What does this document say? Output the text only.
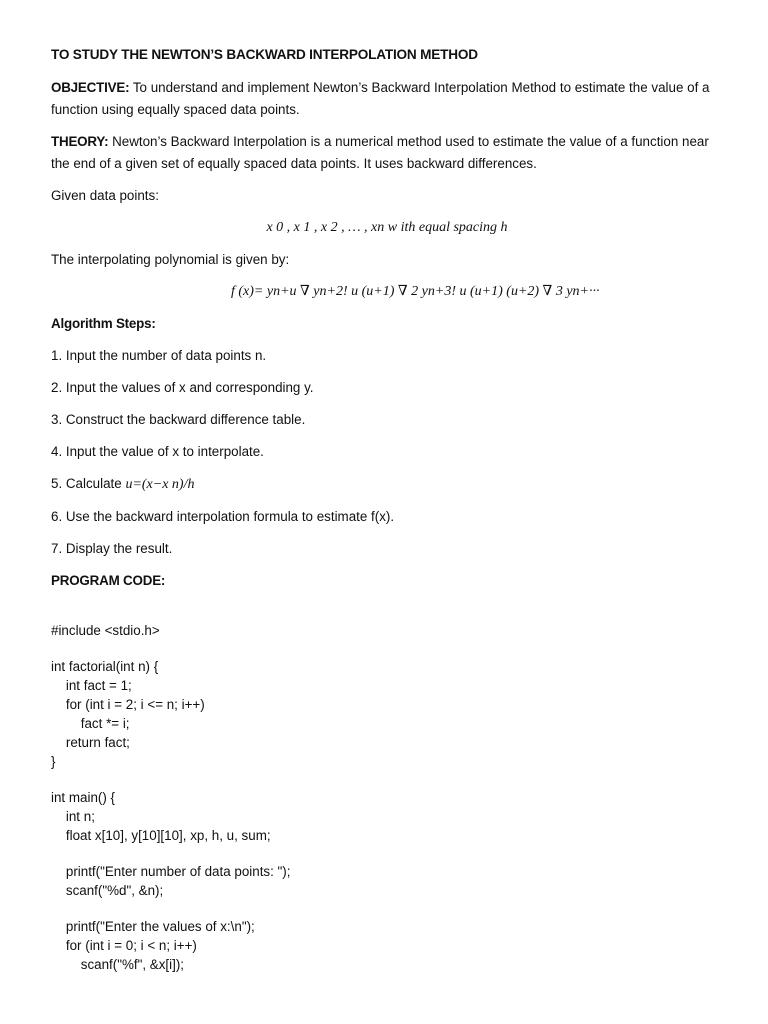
TO STUDY THE NEWTON’S BACKWARD INTERPOLATION METHOD
OBJECTIVE: To understand and implement Newton’s Backward Interpolation Method to estimate the value of a function using equally spaced data points.
THEORY: Newton’s Backward Interpolation is a numerical method used to estimate the value of a function near the end of a given set of equally spaced data points. It uses backward differences.
Given data points:
x 0 , x 1 , x 2 , … , xn w ith equal spacing h
The interpolating polynomial is given by:
f (x)= yn+u ∇ yn+2! u (u+1) ∇ 2 yn+3! u (u+1) (u+2) ∇ 3 yn+···
Algorithm Steps:
1. Input the number of data points n.
2. Input the values of x and corresponding y.
3. Construct the backward difference table.
4. Input the value of x to interpolate.
5. Calculate u=(x−x n)/h
6. Use the backward interpolation formula to estimate f(x).
7. Display the result.
PROGRAM CODE:

#include <stdio.h>
int factorial(int n) {
int fact = 1;
for (int i = 2; i <= n; i++)
fact *= i;
return fact;
}
int main() {
int n;
float x[10], y[10][10], xp, h, u, sum;
printf("Enter number of data points: ");
scanf("%d", &n);
printf("Enter the values of x:\n");
for (int i = 0; i < n; i++)
scanf("%f", &x[i]);
